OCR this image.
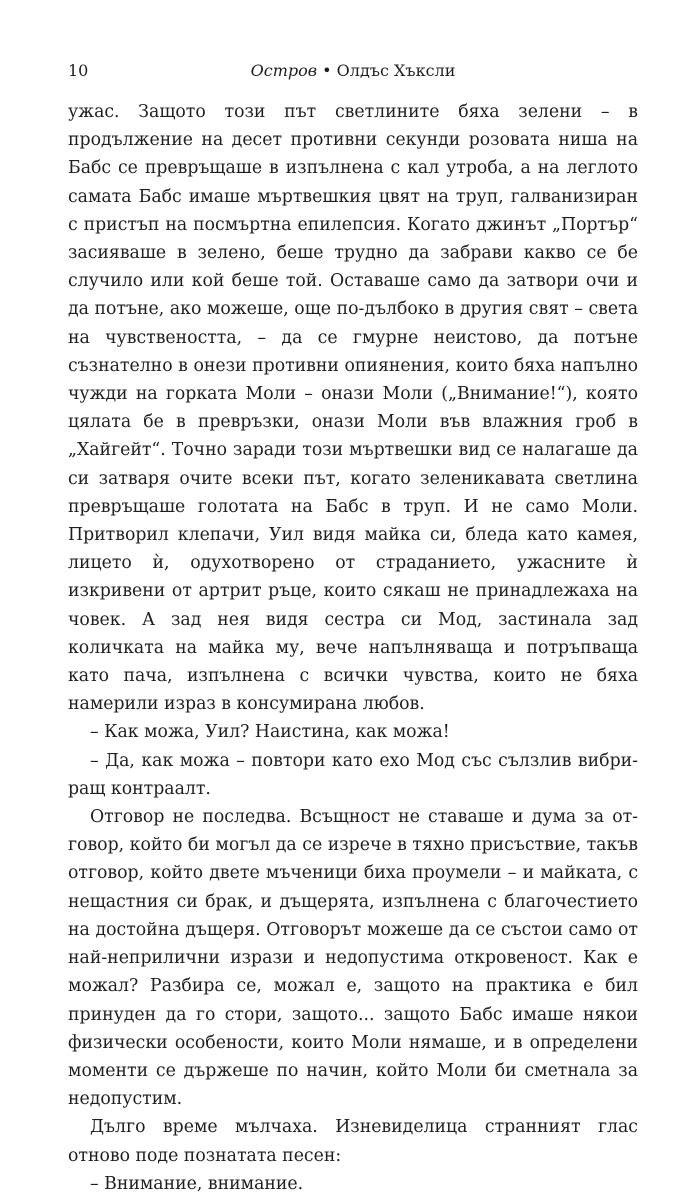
10	Остров • Олдъс Хъксли

ужас. Защото този път светлините бяха зелени – в продължение на десет противни секунди розовата ниша на Бабс се превръщаше в изпълнена с кал утроба, а на леглото самата Бабс имаше мъртвешкия цвят на труп, галванизиран с пристъп на посмъртна епилепсия. Когато джинът „Портър“ засияваше в зелено, беше трудно да забрави какво се бе случило или кой беше той. Оставаше само да затвори очи и да потъне, ако можеше, още по-дълбоко в другия свят – света на чувствеността, – да се гмурне неистово, да потъне съзнателно в онези противни опиянения, които бяха напълно чужди на горката Моли – онази Моли („Внимание!“), която цялата бе в превръзки, онази Моли във влажния гроб в „Хайгейт“. Точно заради този мъртвешки вид се налагаше да си затваря очите всеки път, когато зеленикавата светлина превръщаше голотата на Бабс в труп. И не само Моли. Притворил клепачи, Уил видя майка си, бледа като камея, лицето ѝ, одухотворено от страданието, ужасните ѝ изкривени от артрит ръце, които сякаш не принадлежаха на човек. А зад нея видя сестра си Мод, застинала зад количката на майка му, вече напълняваща и потръпваща като пача, изпълнена с всички чувства, които не бяха намерили израз в консумирана любов.

– Как можа, Уил? Наистина, как можа!

– Да, как можа – повтори като ехо Мод със сълзлив вибриращ контраалт.

Отговор не последва. Всъщност не ставаше и дума за отговор, който би могъл да се изрече в тяхно присъствие, такъв отговор, който двете мъченици биха проумели – и майката, с нещастния си брак, и дъщерята, изпълнена с благочестието на достойна дъщеря. Отговорът можеше да се състои само от най-неприлични изрази и недопустима откровеност. Как е можал? Разбира се, можал е, защото на практика е бил принуден да го стори, защото... защото Бабс имаше някои физически особености, които Моли нямаше, и в определени моменти се държеше по начин, който Моли би сметнала за недопустим.

Дълго време мълчаха. Изневиделица странният глас отново поде познатата песен:

– Внимание, внимание.
